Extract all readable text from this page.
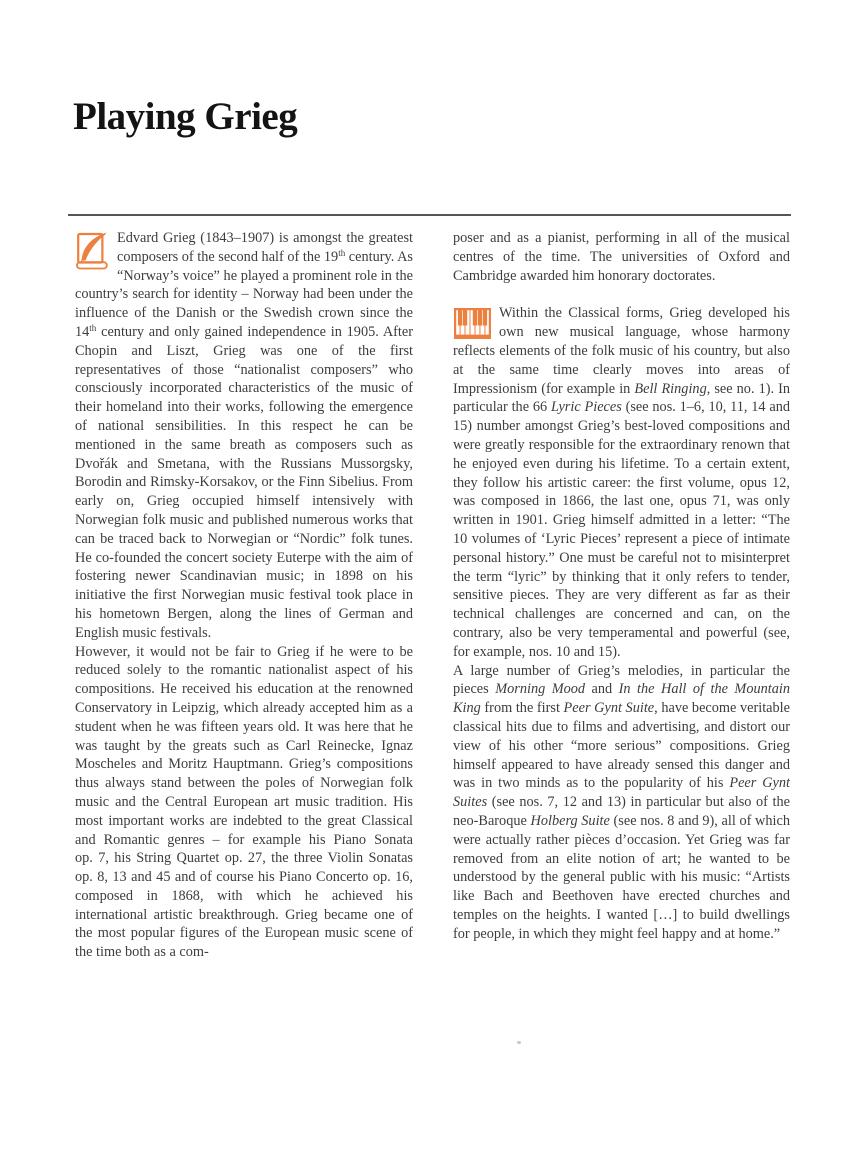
Playing Grieg

Edvard Grieg (1843–1907) is amongst the greatest composers of the second half of the 19th century. As “Norway’s voice” he played a prominent role in the country’s search for identity – Norway had been under the influence of the Danish or the Swedish crown since the 14th century and only gained independence in 1905. After Chopin and Liszt, Grieg was one of the first representatives of those “nationalist composers” who consciously incorporated characteristics of the music of their homeland into their works, following the emergence of national sensibilities. In this respect he can be mentioned in the same breath as composers such as Dvořák and Smetana, with the Russians Mussorgsky, Borodin and Rimsky-Korsakov, or the Finn Sibelius. From early on, Grieg occupied himself intensively with Norwegian folk music and published numerous works that can be traced back to Norwegian or “Nordic” folk tunes. He co-founded the concert society Euterpe with the aim of fostering newer Scandinavian music; in 1898 on his initiative the first Norwegian music festival took place in his hometown Bergen, along the lines of German and English music festivals.

However, it would not be fair to Grieg if he were to be reduced solely to the romantic nationalist aspect of his compositions. He received his education at the renowned Conservatory in Leipzig, which already accepted him as a student when he was fifteen years old. It was here that he was taught by the greats such as Carl Reinecke, Ignaz Moscheles and Moritz Hauptmann. Grieg’s compositions thus always stand between the poles of Norwegian folk music and the Central European art music tradition. His most important works are indebted to the great Classical and Romantic genres – for example his Piano Sonata op. 7, his String Quartet op. 27, the three Violin Sonatas op. 8, 13 and 45 and of course his Piano Concerto op. 16, composed in 1868, with which he achieved his international artistic breakthrough. Grieg became one of the most popular figures of the European music scene of the time both as a com-

poser and as a pianist, performing in all of the musical centres of the time. The universities of Oxford and Cambridge awarded him honorary doctorates.

Within the Classical forms, Grieg developed his own new musical language, whose harmony reflects elements of the folk music of his country, but also at the same time clearly moves into areas of Impressionism (for example in Bell Ringing, see no. 1). In particular the 66 Lyric Pieces (see nos. 1–6, 10, 11, 14 and 15) number amongst Grieg’s best-loved compositions and were greatly responsible for the extraordinary renown that he enjoyed even during his lifetime. To a certain extent, they follow his artistic career: the first volume, opus 12, was composed in 1866, the last one, opus 71, was only written in 1901. Grieg himself admitted in a letter: “The 10 volumes of ‘Lyric Pieces’ represent a piece of intimate personal history.” One must be careful not to misinterpret the term “lyric” by thinking that it only refers to tender, sensitive pieces. They are very different as far as their technical challenges are concerned and can, on the contrary, also be very temperamental and powerful (see, for example, nos. 10 and 15).

A large number of Grieg’s melodies, in particular the pieces Morning Mood and In the Hall of the Mountain King from the first Peer Gynt Suite, have become veritable classical hits due to films and advertising, and distort our view of his other “more serious” compositions. Grieg himself appeared to have already sensed this danger and was in two minds as to the popularity of his Peer Gynt Suites (see nos. 7, 12 and 13) in particular but also of the neo-Baroque Holberg Suite (see nos. 8 and 9), all of which were actually rather pièces d’occasion. Yet Grieg was far removed from an elite notion of art; he wanted to be understood by the general public with his music: “Artists like Bach and Beethoven have erected churches and temples on the heights. I wanted […] to build dwellings for people, in which they might feel happy and at home.”
